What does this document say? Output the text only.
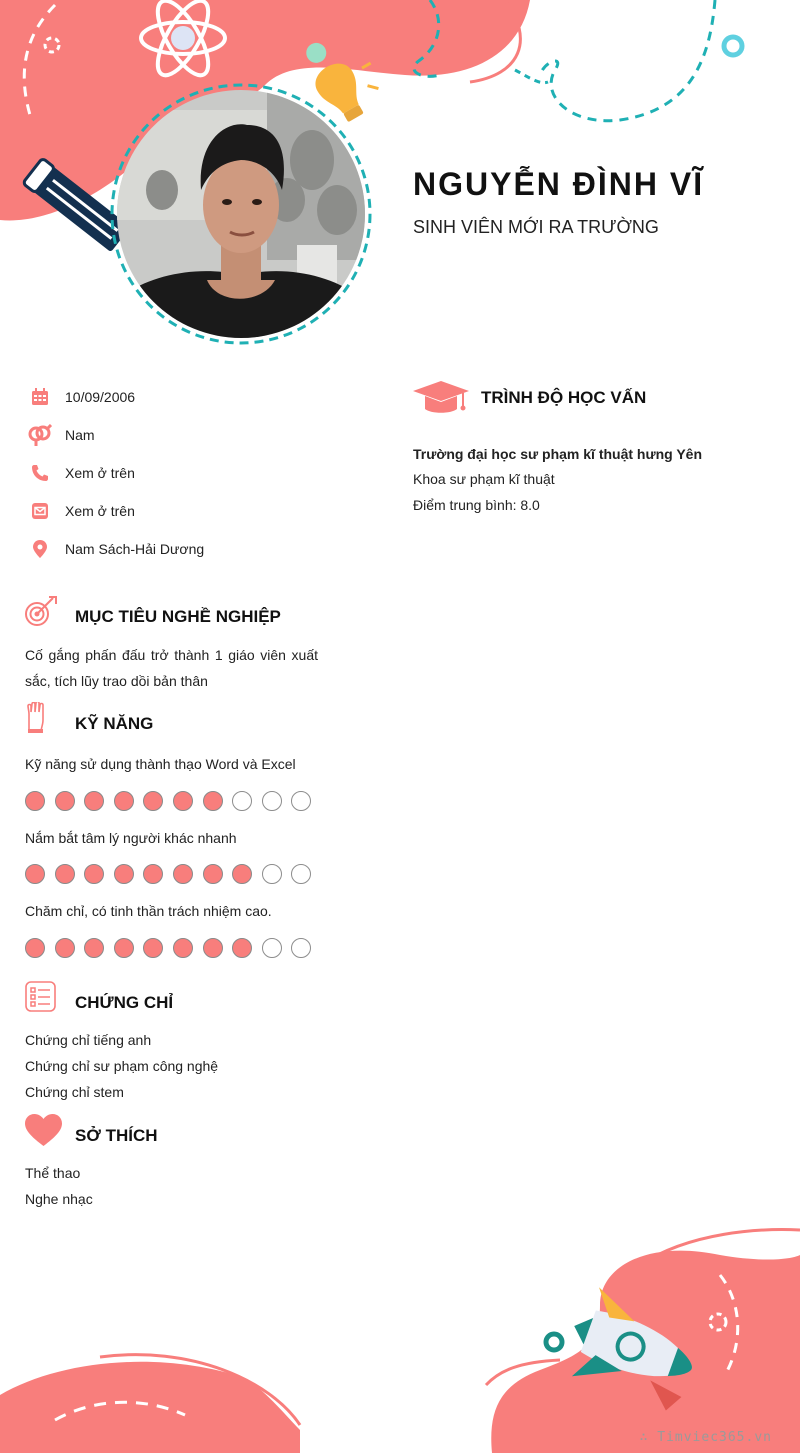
NGUYỄN ĐÌNH VĨ
SINH VIÊN MỚI RA TRƯỜNG
10/09/2006
Nam
Xem ở trên
Xem ở trên
Nam Sách-Hải Dương
TRÌNH ĐỘ HỌC VẤN
Trường đại học sư phạm kĩ thuật hưng Yên
Khoa sư phạm kĩ thuật
Điểm trung bình: 8.0
MỤC TIÊU NGHỀ NGHIỆP
Cố gắng phấn đấu trở thành 1 giáo viên xuất sắc, tích lũy trao dồi bản thân
KỸ NĂNG
Kỹ năng sử dụng thành thạo Word và Excel
Nắm bắt tâm lý người khác nhanh
Chăm chỉ, có tinh thần trách nhiệm cao.
CHỨNG CHỈ
Chứng chỉ tiếng anh
Chứng chỉ sư phạm công nghệ
Chứng chỉ stem
SỞ THÍCH
Thể thao
Nghe nhạc
∴ Timviec365.vn
